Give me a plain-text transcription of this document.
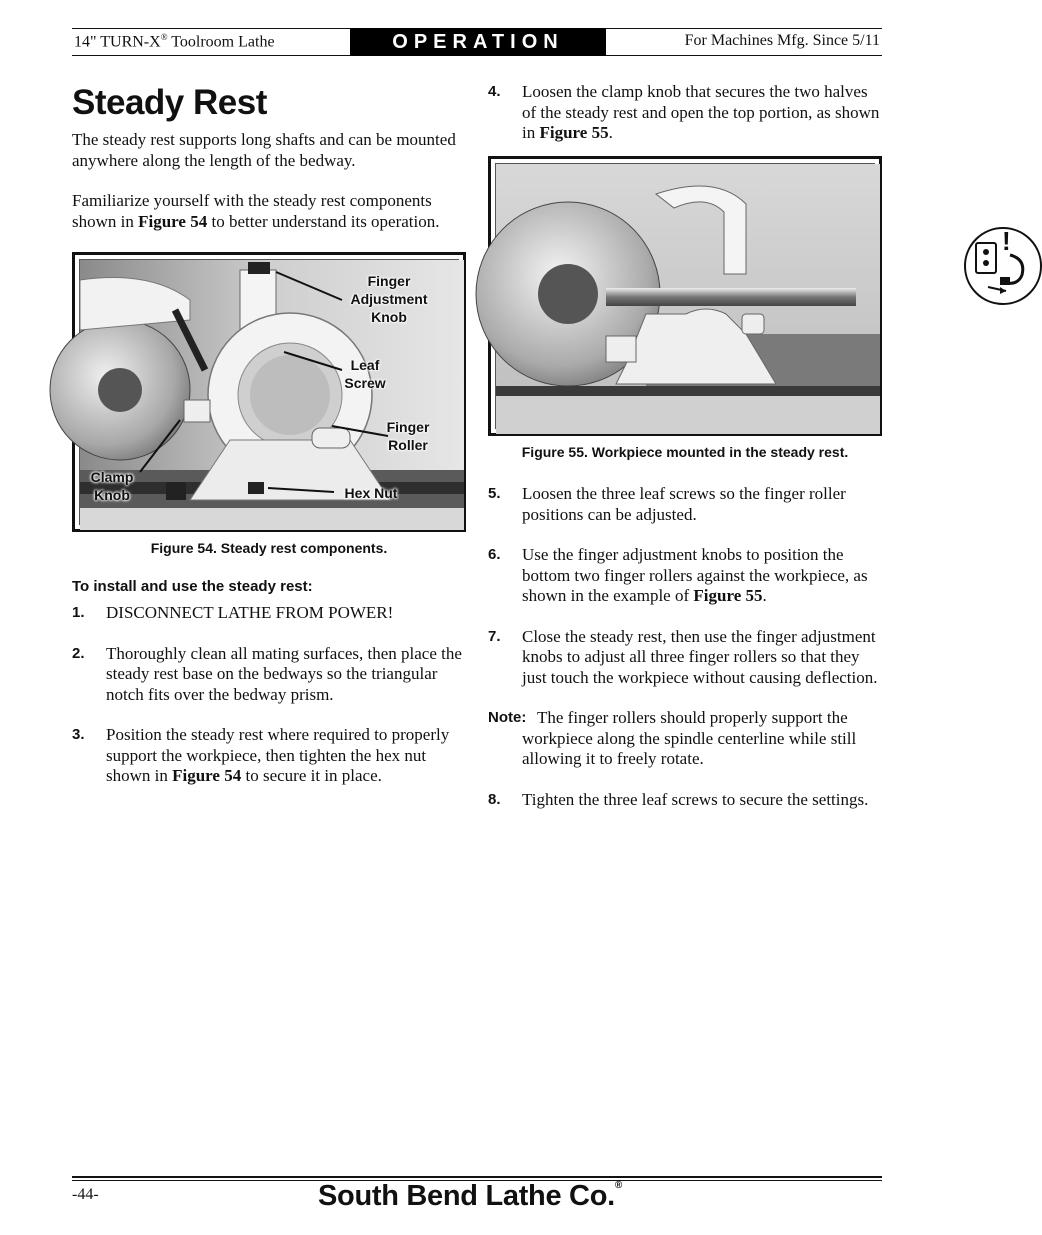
14" TURN-X® Toolroom Lathe	OPERATION	For Machines Mfg. Since 5/11
Steady Rest

The steady rest supports long shafts and can be mounted anywhere along the length of the bedway.

Familiarize yourself with the steady rest components shown in Figure 54 to better understand its operation.

Finger Adjustment Knob
Leaf Screw
Finger Roller
Clamp Knob	Hex Nut
Figure 54. Steady rest components.
To install and use the steady rest:
1. DISCONNECT LATHE FROM POWER!
2. Thoroughly clean all mating surfaces, then place the steady rest base on the bedways so the triangular notch fits over the bedway prism.
3. Position the steady rest where required to properly support the workpiece, then tighten the hex nut shown in Figure 54 to secure it in place.
4. Loosen the clamp knob that secures the two halves of the steady rest and open the top portion, as shown in Figure 55.
Figure 55. Workpiece mounted in the steady rest.
!
5. Loosen the three leaf screws so the finger roller positions can be adjusted.
6. Use the finger adjustment knobs to position the bottom two finger rollers against the workpiece, as shown in the example of Figure 55.
7. Close the steady rest, then use the finger adjustment knobs to adjust all three finger rollers so that they just touch the workpiece without causing deflection.
Note: The finger rollers should properly support the workpiece along the spindle centerline while still allowing it to freely rotate.
8. Tighten the three leaf screws to secure the settings.
-44-	South Bend Lathe Co.®
